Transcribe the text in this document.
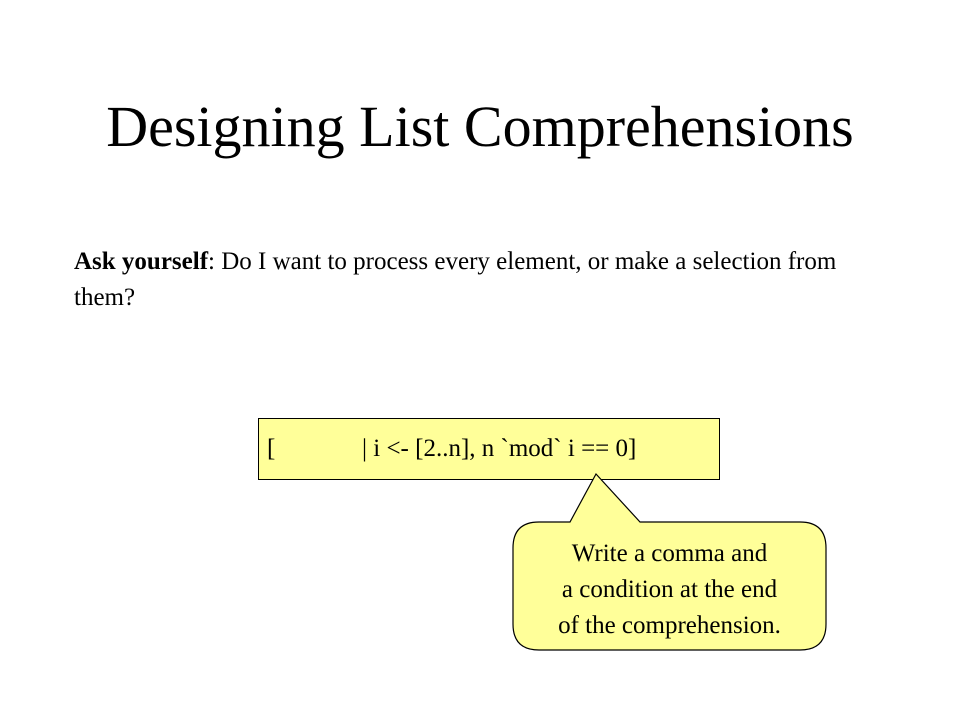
Designing List Comprehensions
Ask yourself: Do I want to process every element, or make a selection from them?

[

	| i <- [2..n], n `mod` i == 0]

Write a comma and
a condition at the end
of the comprehension.
